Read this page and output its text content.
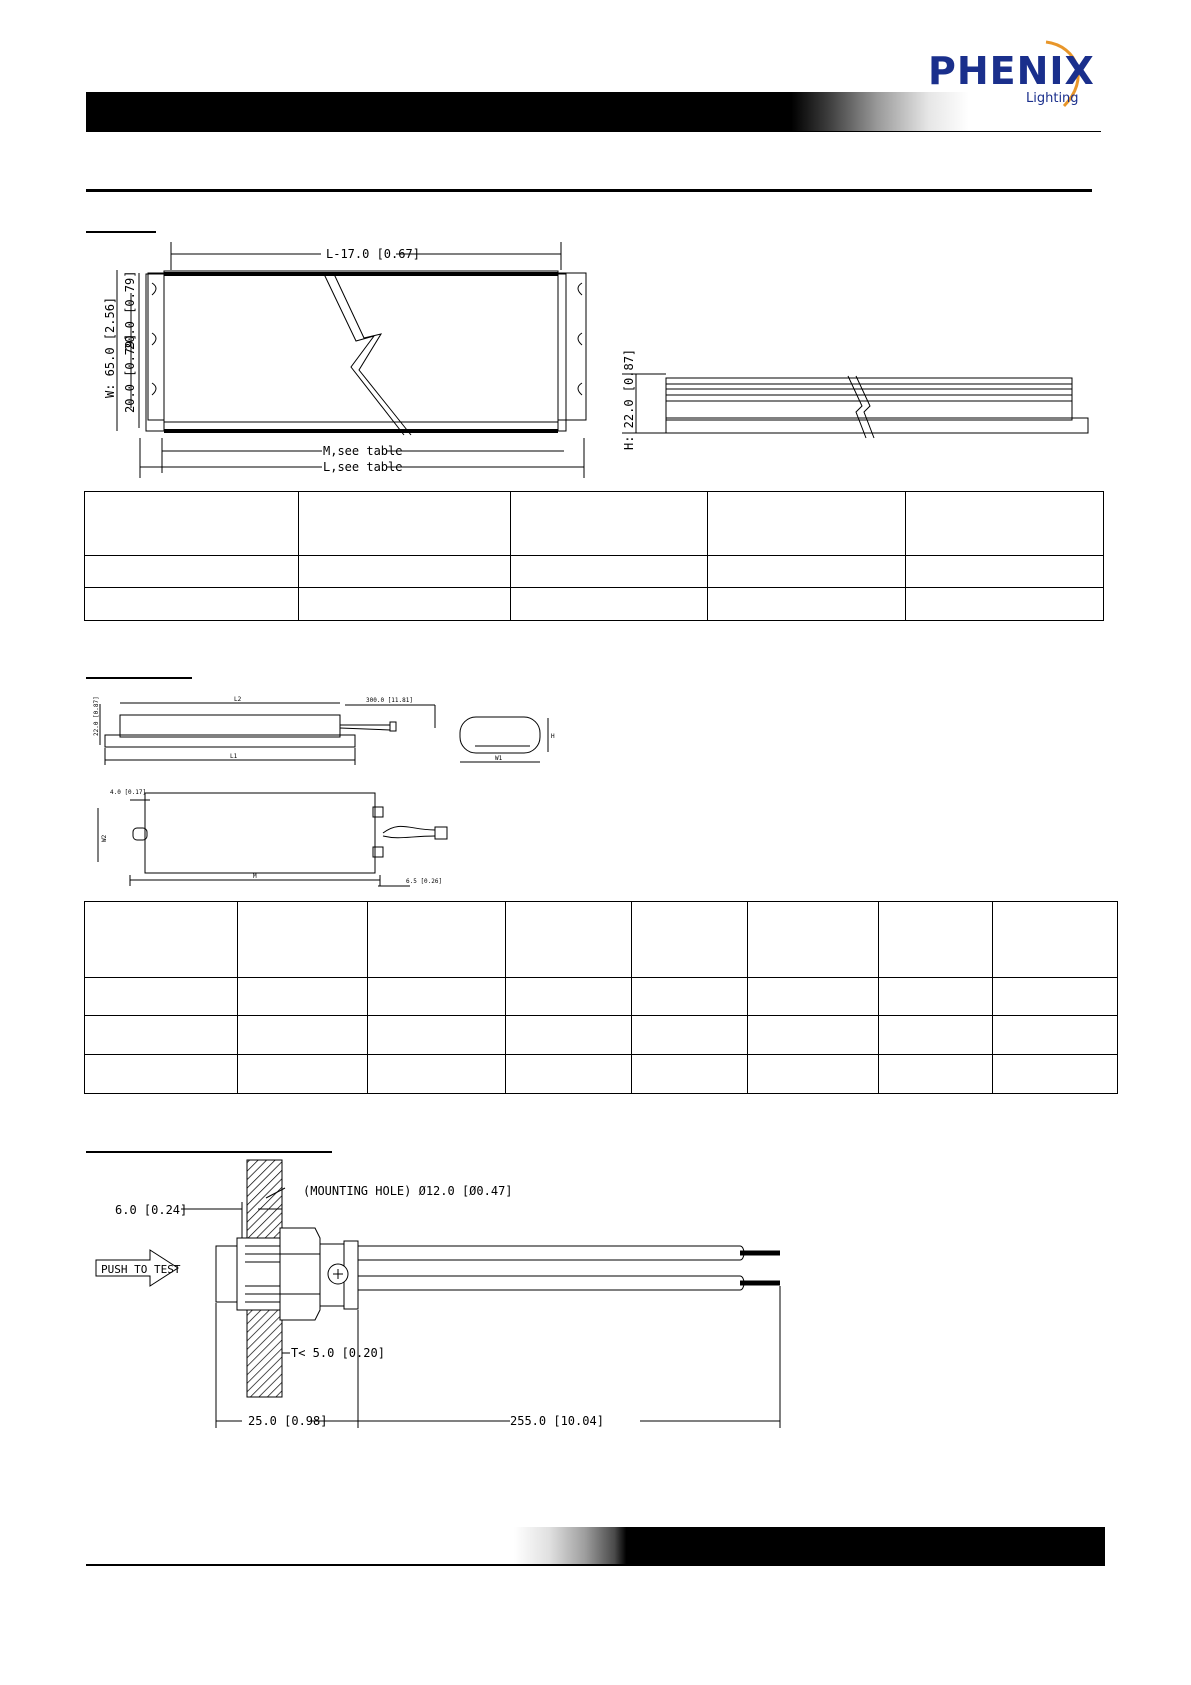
PHENIX
Lighting
L-17.0 [0.67]
W: 65.0 [2.56] 20.0 [0.79]
20.0 [0.79]
M,see table
L,see table
H: 22.0 [0.87]

L2
22.0 [0.87]	300.0 [11.81]
L1
H
W1
4.0 [0.17]
W2
M
6.5 [0.26]

6.0 [0.24]
(MOUNTING HOLE) Ø12.0 [Ø0.47]
PUSH TO TEST
T< 5.0 [0.20]
25.0 [0.98]	255.0 [10.04]
